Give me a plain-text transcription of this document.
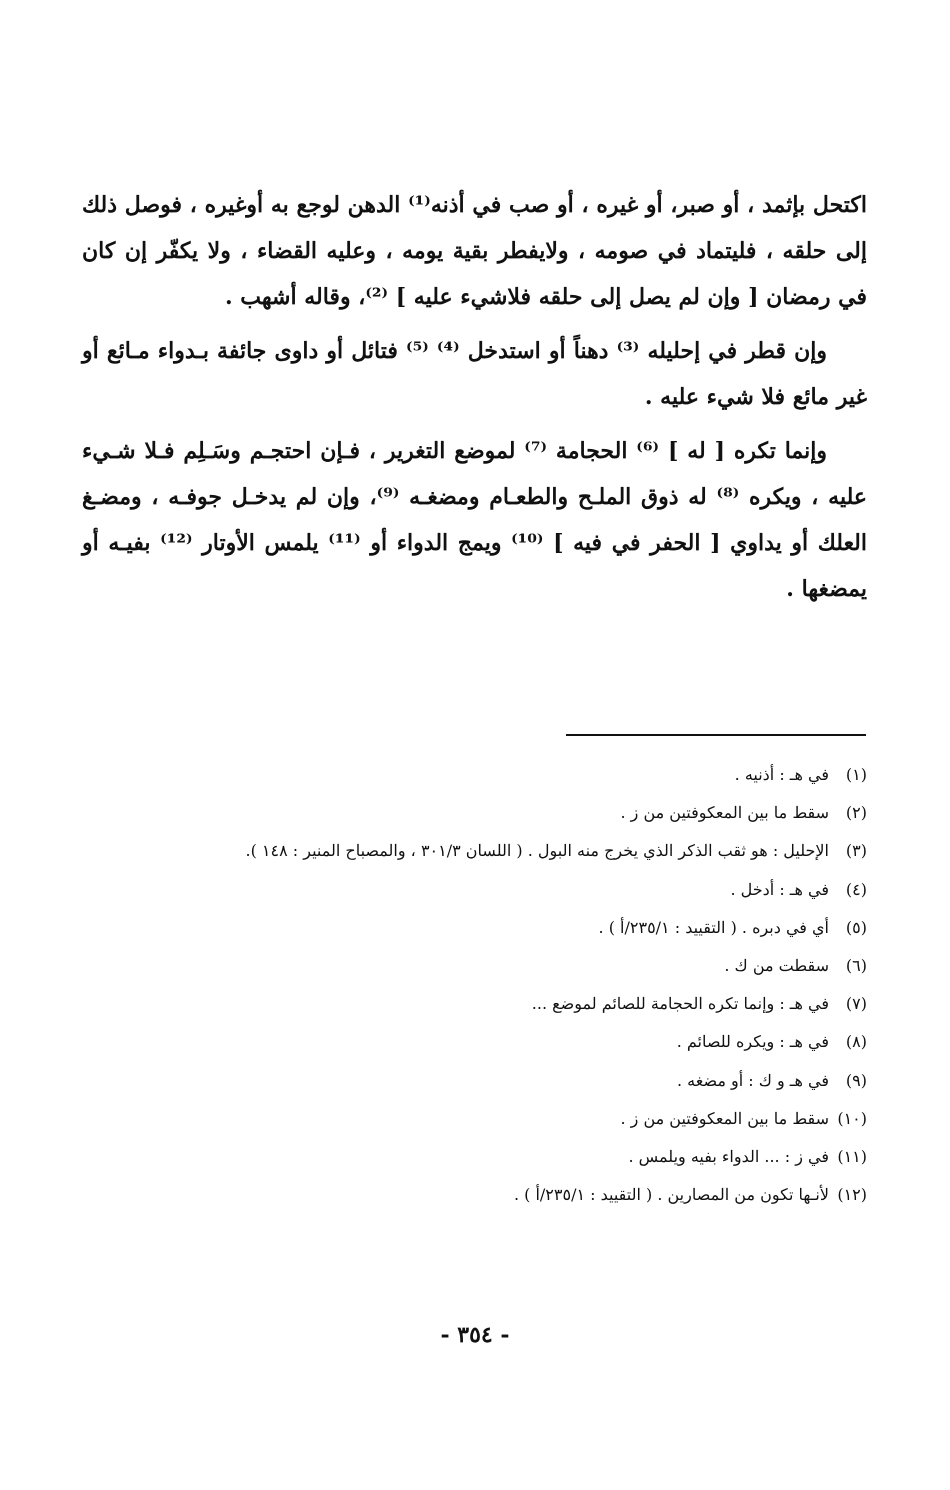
اكتحل بإثمد ، أو صبر، أو غيره ، أو صب في أذنه⁽¹⁾ الدهن لوجع به أوغيره ، فوصل ذلك إلى حلقه ، فليتماد في صومه ، ولايفطر بقية يومه ، وعليه القضاء ، ولا يكفّر إن كان في رمضان [ وإن لم يصل إلى حلقه فلاشيء عليه ] ⁽²⁾، وقاله أشهب .

وإن قطر في إحليله ⁽³⁾ دهناً أو استدخل ⁽⁴⁾ ⁽⁵⁾ فتائل أو داوى جائفة بـدواء مـائع أو غير مائع فلا شيء عليه .

وإنما تكره [ له ] ⁽⁶⁾ الحجامة ⁽⁷⁾ لموضع التغرير ، فـإن احتجـم وسَـلِم فـلا شـيء عليه ، ويكره ⁽⁸⁾ له ذوق الملـح والطعـام ومضغـه ⁽⁹⁾، وإن لم يدخـل جوفـه ، ومضـغ العلك أو يداوي [ الحفر في فيه ] ⁽¹⁰⁾ ويمج الدواء أو ⁽¹¹⁾ يلمس الأوتار ⁽¹²⁾ بفيـه أو يمضغها .

(١)في هـ : أذنيه .
(٢)سقط ما بين المعكوفتين من ز .
(٣)الإحليل : هو ثقب الذكر الذي يخرج منه البول . ( اللسان ٣٠١/٣ ، والمصباح المنير : ١٤٨ ).
(٤)في هـ : أدخل .
(٥)أي في دبره . ( التقييد : ٢٣٥/١/أ ) .
(٦)سقطت من ك .
(٧)في هـ : وإنما تكره الحجامة للصائم لموضع ...
(٨)في هـ : ويكره للصائم .
(٩)في هـ و ك : أو مضغه .
(١٠)سقط ما بين المعكوفتين من ز .
(١١)في ز : ... الدواء بفيه ويلمس .
(١٢)لأنـها تكون من المصارين . ( التقييد : ٢٣٥/١/أ ) .
- ٣٥٤ -
